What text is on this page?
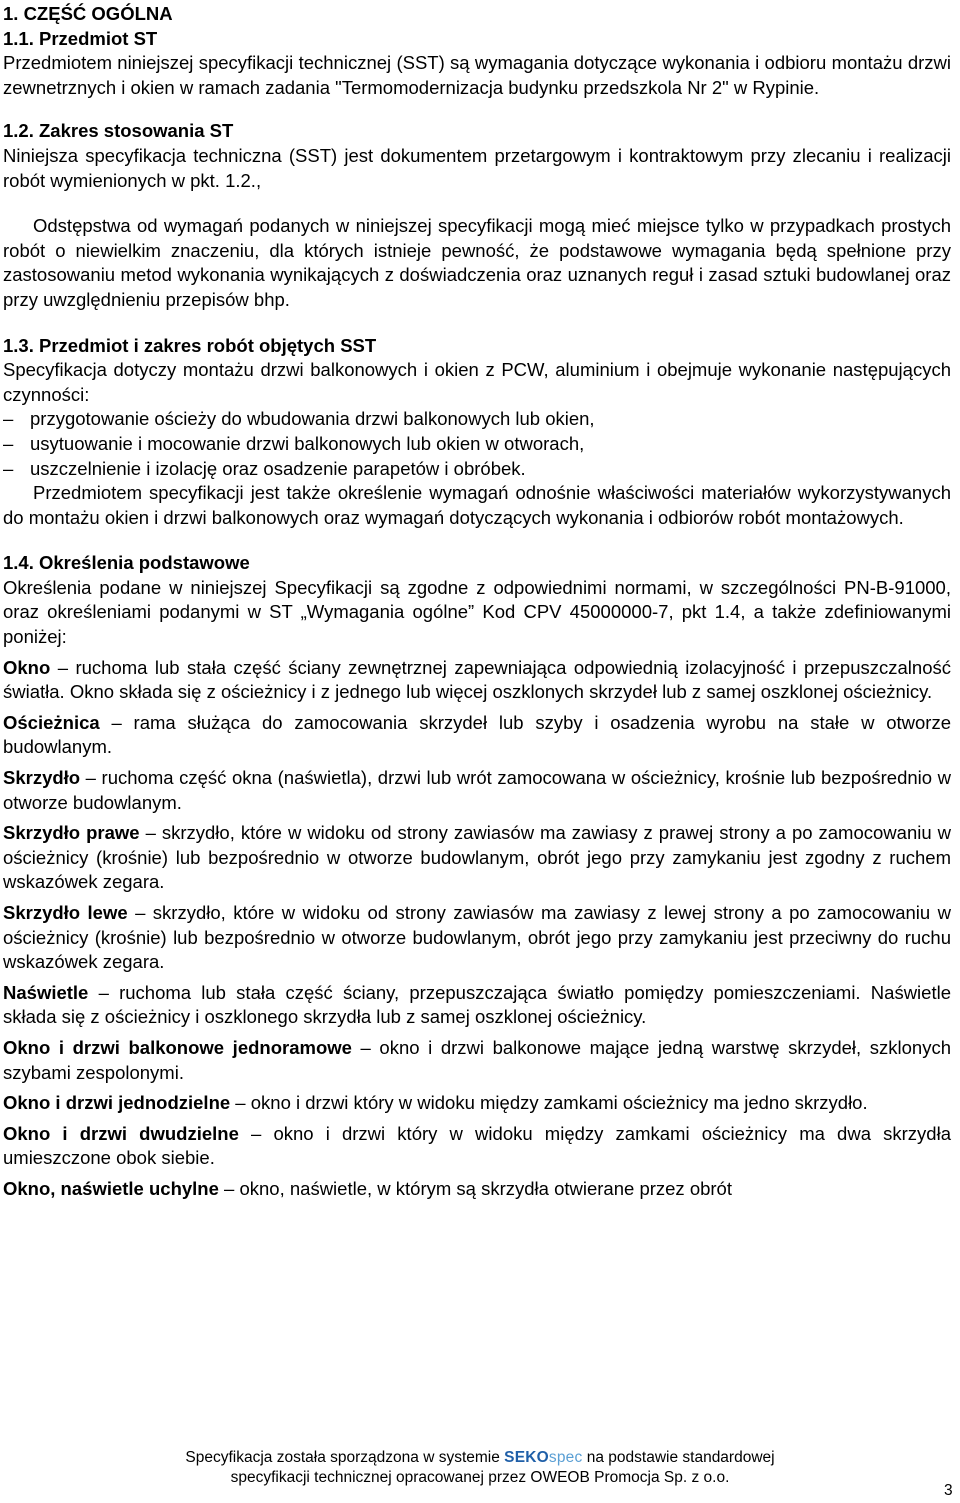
1. CZĘŚĆ OGÓLNA

1.1. Przedmiot ST

Przedmiotem niniejszej specyfikacji technicznej (SST) są wymagania dotyczące wykonania i odbioru montażu drzwi zewnetrznych i okien w ramach zadania "Termomodernizacja budynku przedszkola Nr 2" w Rypinie.

1.2. Zakres stosowania ST

Niniejsza specyfikacja techniczna (SST) jest dokumentem przetargowym i kontraktowym przy zlecaniu i realizacji robót wymienionych w pkt. 1.2.,

Odstępstwa od wymagań podanych w niniejszej specyfikacji mogą mieć miejsce tylko w przypadkach prostych robót o niewielkim znaczeniu, dla których istnieje pewność, że podstawowe wymagania będą spełnione przy zastosowaniu metod wykonania wynikających z doświadczenia oraz uznanych reguł i zasad sztuki budowlanej oraz przy uwzględnieniu przepisów bhp.

1.3. Przedmiot i zakres robót objętych SST

Specyfikacja dotyczy montażu drzwi balkonowych i okien z PCW, aluminium i obejmuje wykonanie następujących czynności:

– przygotowanie ościeży do wbudowania drzwi balkonowych lub okien,
– usytuowanie i mocowanie drzwi balkonowych lub okien w otworach,
– uszczelnienie i izolację oraz osadzenie parapetów i obróbek.

Przedmiotem specyfikacji jest także określenie wymagań odnośnie właściwości materiałów wykorzystywanych do montażu okien i drzwi balkonowych oraz wymagań dotyczących wykonania i odbiorów robót montażowych.

1.4. Określenia podstawowe

Określenia podane w niniejszej Specyfikacji są zgodne z odpowiednimi normami, w szczególności PN-B-91000, oraz określeniami podanymi w ST „Wymagania ogólne” Kod CPV 45000000-7, pkt 1.4, a także zdefiniowanymi poniżej:

Okno – ruchoma lub stała część ściany zewnętrznej zapewniająca odpowiednią izolacyjność i przepuszczalność światła. Okno składa się z ościeżnicy i z jednego lub więcej oszklonych skrzydeł lub z samej oszklonej ościeżnicy.

Ościeżnica – rama służąca do zamocowania skrzydeł lub szyby i osadzenia wyrobu na stałe w otworze budowlanym.

Skrzydło – ruchoma część okna (naświetla), drzwi lub wrót zamocowana w ościeżnicy, krośnie lub bezpośrednio w otworze budowlanym.

Skrzydło prawe – skrzydło, które w widoku od strony zawiasów ma zawiasy z prawej strony a po zamocowaniu w ościeżnicy (krośnie) lub bezpośrednio w otworze budowlanym, obrót jego przy zamykaniu jest zgodny z ruchem wskazówek zegara.

Skrzydło lewe – skrzydło, które w widoku od strony zawiasów ma zawiasy z lewej strony a po zamocowaniu w ościeżnicy (krośnie) lub bezpośrednio w otworze budowlanym, obrót jego przy zamykaniu jest przeciwny do ruchu wskazówek zegara.

Naświetle – ruchoma lub stała część ściany, przepuszczająca światło pomiędzy pomieszczeniami. Naświetle składa się z ościeżnicy i oszklonego skrzydła lub z samej oszklonej ościeżnicy.

Okno i drzwi balkonowe jednoramowe – okno i drzwi balkonowe mające jedną warstwę skrzydeł, szklonych szybami zespolonymi.

Okno i drzwi jednodzielne – okno i drzwi który w widoku między zamkami ościeżnicy ma jedno skrzydło.

Okno i drzwi dwudzielne – okno i drzwi który w widoku między zamkami ościeżnicy ma dwa skrzydła umieszczone obok siebie.

Okno, naświetle uchylne – okno, naświetle, w którym są skrzydła otwierane przez obrót

Specyfikacja została sporządzona w systemie SEKOspec na podstawie standardowej
specyfikacji technicznej opracowanej przez OWEOB Promocja Sp. z o.o.
3
